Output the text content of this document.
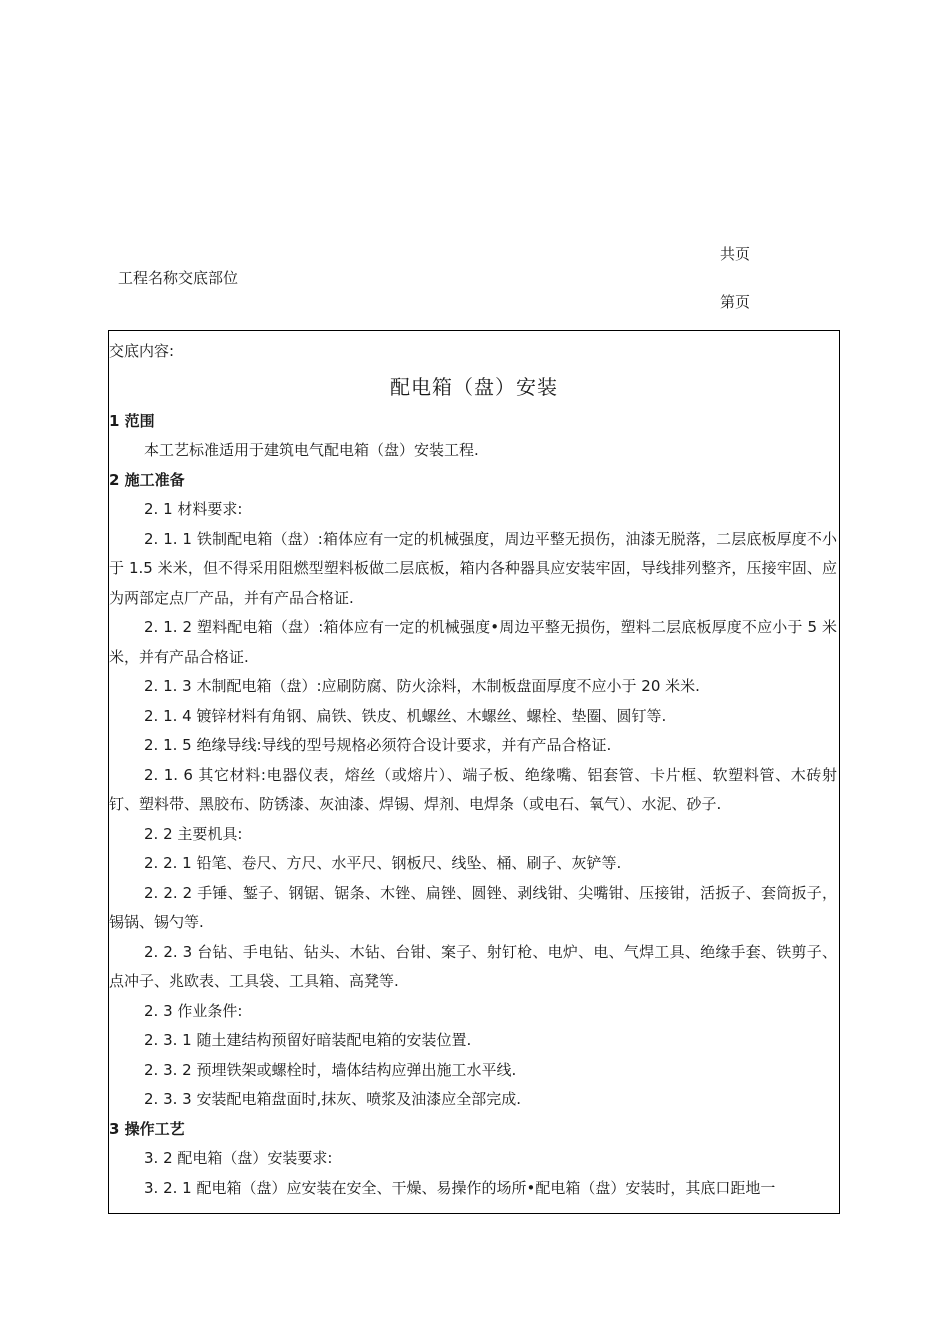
共页
工程名称交底部位
第页

交底内容:

配电箱（盘）安装

1 范围

本工艺标准适用于建筑电气配电箱（盘）安装工程.

2 施工准备

2. 1 材料要求:

2. 1. 1 铁制配电箱（盘）:箱体应有一定的机械强度，周边平整无损伤，油漆无脱落，二层底板厚度不小于 1.5 米米，但不得采用阻燃型塑料板做二层底板，箱内各种器具应安装牢固，导线排列整齐，压接牢固、应为两部定点厂产品，并有产品合格证.

2. 1. 2 塑料配电箱（盘）:箱体应有一定的机械强度•周边平整无损伤，塑料二层底板厚度不应小于 5 米米，并有产品合格证.

2. 1. 3 木制配电箱（盘）:应刷防腐、防火涂料，木制板盘面厚度不应小于 20 米米.

2. 1. 4 镀锌材料有角钢、扁铁、铁皮、机螺丝、木螺丝、螺栓、垫圈、圆钉等.

2. 1. 5 绝缘导线:导线的型号规格必须符合设计要求，并有产品合格证.

2. 1. 6 其它材料:电器仪表，熔丝（或熔片）、端子板、绝缘嘴、铝套管、卡片框、软塑料管、木砖射钉、塑料带、黑胶布、防锈漆、灰油漆、焊锡、焊剂、电焊条（或电石、氧气）、水泥、砂子.

2. 2 主要机具:

2. 2. 1 铅笔、卷尺、方尺、水平尺、钢板尺、线坠、桶、刷子、灰铲等.

2. 2. 2 手锤、錾子、钢锯、锯条、木锉、扁锉、圆锉、剥线钳、尖嘴钳、压接钳，活扳子、套筒扳子，锡锅、锡勺等.

2. 2. 3 台钻、手电钻、钻头、木钻、台钳、案子、射钉枪、电炉、电、气焊工具、绝缘手套、铁剪子、点冲子、兆欧表、工具袋、工具箱、高凳等.

2. 3 作业条件:

2. 3. 1 随土建结构预留好暗装配电箱的安装位置.

2. 3. 2 预埋铁架或螺栓时，墙体结构应弹出施工水平线.

2. 3. 3 安装配电箱盘面时,抹灰、喷浆及油漆应全部完成.

3 操作工艺

3. 2 配电箱（盘）安装要求:

3. 2. 1 配电箱（盘）应安装在安全、干燥、易操作的场所•配电箱（盘）安装时，其底口距地一
